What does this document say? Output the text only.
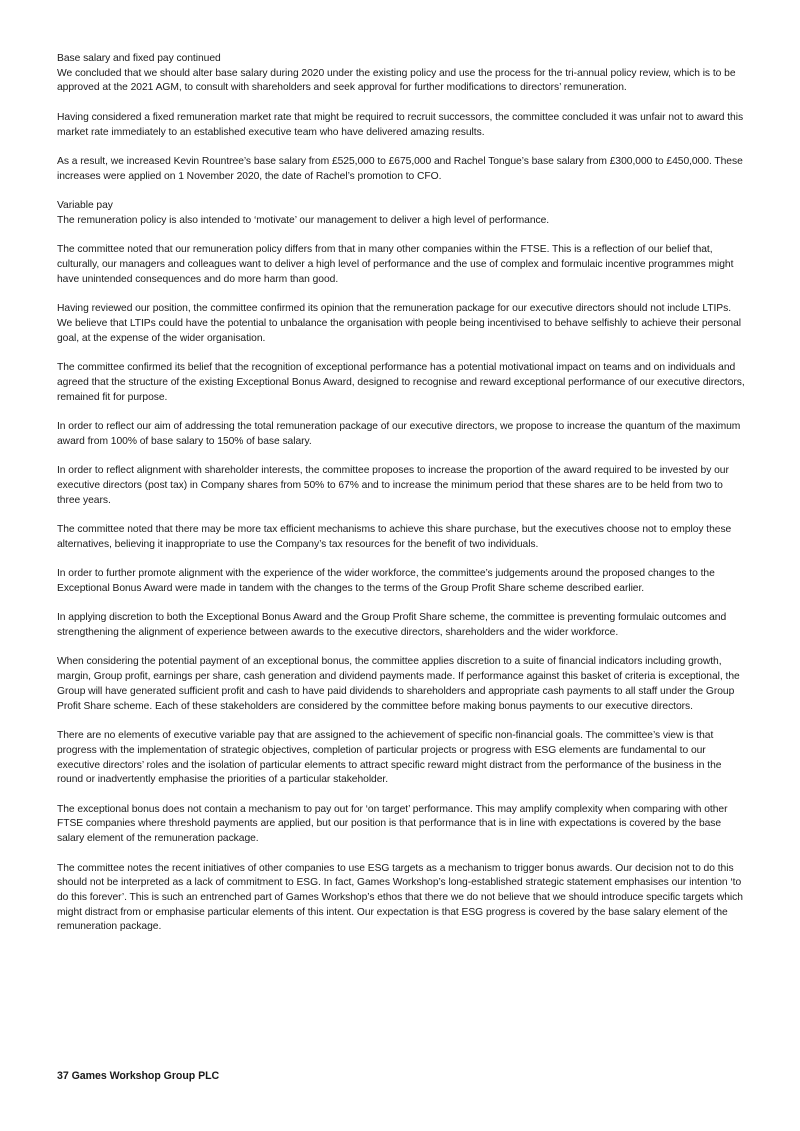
Base salary and fixed pay continued

We concluded that we should alter base salary during 2020 under the existing policy and use the process for the tri-annual policy review, which is to be approved at the 2021 AGM, to consult with shareholders and seek approval for further modifications to directors’ remuneration.

Having considered a fixed remuneration market rate that might be required to recruit successors, the committee concluded it was unfair not to award this market rate immediately to an established executive team who have delivered amazing results.

As a result, we increased Kevin Rountree’s base salary from £525,000 to £675,000 and Rachel Tongue’s base salary from £300,000 to £450,000. These increases were applied on 1 November 2020, the date of Rachel’s promotion to CFO.

Variable pay

The remuneration policy is also intended to ‘motivate’ our management to deliver a high level of performance.

The committee noted that our remuneration policy differs from that in many other companies within the FTSE. This is a reflection of our belief that, culturally, our managers and colleagues want to deliver a high level of performance and the use of complex and formulaic incentive programmes might have unintended consequences and do more harm than good.

Having reviewed our position, the committee confirmed its opinion that the remuneration package for our executive directors should not include LTIPs. We believe that LTIPs could have the potential to unbalance the organisation with people being incentivised to behave selfishly to achieve their personal goal, at the expense of the wider organisation.

The committee confirmed its belief that the recognition of exceptional performance has a potential motivational impact on teams and on individuals and agreed that the structure of the existing Exceptional Bonus Award, designed to recognise and reward exceptional performance of our executive directors, remained fit for purpose.

In order to reflect our aim of addressing the total remuneration package of our executive directors, we propose to increase the quantum of the maximum award from 100% of base salary to 150% of base salary.

In order to reflect alignment with shareholder interests, the committee proposes to increase the proportion of the award required to be invested by our executive directors (post tax) in Company shares from 50% to 67% and to increase the minimum period that these shares are to be held from two to three years.

The committee noted that there may be more tax efficient mechanisms to achieve this share purchase, but the executives choose not to employ these alternatives, believing it inappropriate to use the Company’s tax resources for the benefit of two individuals.

In order to further promote alignment with the experience of the wider workforce, the committee’s judgements around the proposed changes to the Exceptional Bonus Award were made in tandem with the changes to the terms of the Group Profit Share scheme described earlier.

In applying discretion to both the Exceptional Bonus Award and the Group Profit Share scheme, the committee is preventing formulaic outcomes and strengthening the alignment of experience between awards to the executive directors, shareholders and the wider workforce.

When considering the potential payment of an exceptional bonus, the committee applies discretion to a suite of financial indicators including growth, margin, Group profit, earnings per share, cash generation and dividend payments made. If performance against this basket of criteria is exceptional, the Group will have generated sufficient profit and cash to have paid dividends to shareholders and appropriate cash payments to all staff under the Group Profit Share scheme. Each of these stakeholders are considered by the committee before making bonus payments to our executive directors.

There are no elements of executive variable pay that are assigned to the achievement of specific non-financial goals. The committee’s view is that progress with the implementation of strategic objectives, completion of particular projects or progress with ESG elements are fundamental to our executive directors’ roles and the isolation of particular elements to attract specific reward might distract from the performance of the business in the round or inadvertently emphasise the priorities of a particular stakeholder.

The exceptional bonus does not contain a mechanism to pay out for ‘on target’ performance. This may amplify complexity when comparing with other FTSE companies where threshold payments are applied, but our position is that performance that is in line with expectations is covered by the base salary element of the remuneration package.

The committee notes the recent initiatives of other companies to use ESG targets as a mechanism to trigger bonus awards. Our decision not to do this should not be interpreted as a lack of commitment to ESG. In fact, Games Workshop’s long-established strategic statement emphasises our intention ‘to do this forever’. This is such an entrenched part of Games Workshop’s ethos that there we do not believe that we should introduce specific targets which might distract from or emphasise particular elements of this intent. Our expectation is that ESG progress is covered by the base salary element of the remuneration package.

37 Games Workshop Group PLC
